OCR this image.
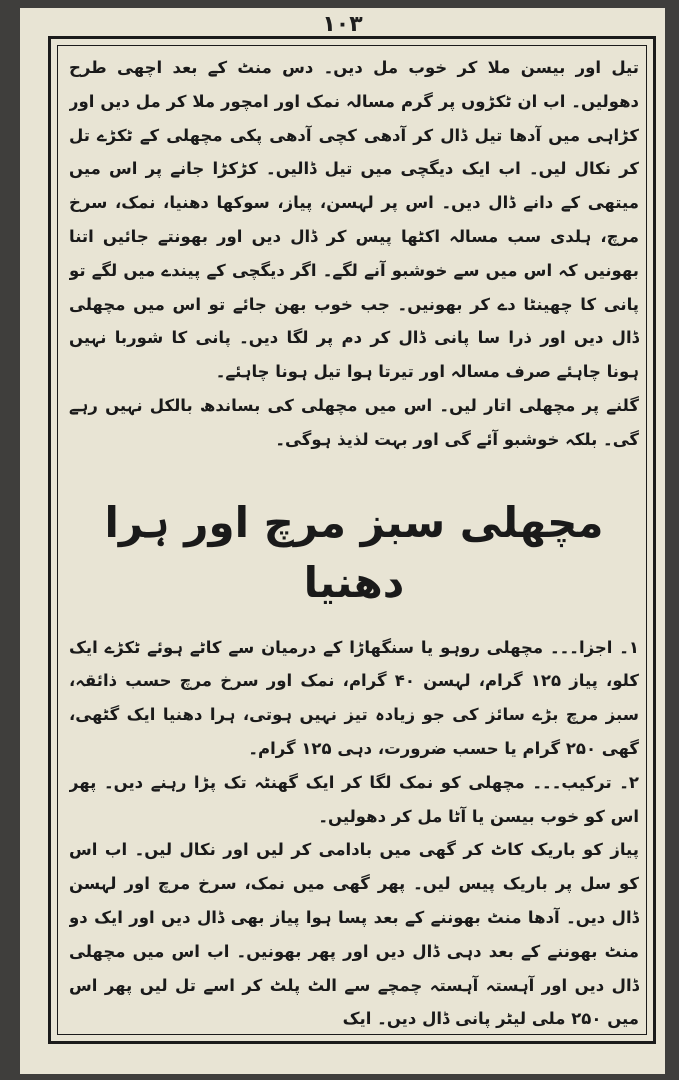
۱۰۳

تیل اور بیسن ملا کر خوب مل دیں۔ دس منٹ کے بعد اچھی طرح دھولیں۔ اب ان ٹکڑوں پر گرم مسالہ نمک اور امچور ملا کر مل دیں اور کڑاہی میں آدھا تیل ڈال کر آدھی کچی آدھی پکی مچھلی کے ٹکڑے تل کر نکال لیں۔ اب ایک دیگچی میں تیل ڈالیں۔ کڑکڑا جانے پر اس میں میتھی کے دانے ڈال دیں۔ اس پر لہسن، پیاز، سوکھا دھنیا، نمک، سرخ مرچ، ہلدی سب مسالہ اکٹھا پیس کر ڈال دیں اور بھونتے جائیں اتنا بھونیں کہ اس میں سے خوشبو آنے لگے۔ اگر دیگچی کے پیندے میں لگے تو پانی کا چھینٹا دے کر بھونیں۔ جب خوب بھن جائے تو اس میں مچھلی ڈال دیں اور ذرا سا پانی ڈال کر دم پر لگا دیں۔ پانی کا شوربا نہیں ہونا چاہئے صرف مسالہ اور تیرتا ہوا تیل ہونا چاہئے۔

گلنے پر مچھلی اتار لیں۔ اس میں مچھلی کی بساندھ بالکل نہیں رہے گی۔ بلکہ خوشبو آئے گی اور بہت لذیذ ہوگی۔

مچھلی سبز مرچ اور ہرا دھنیا

۱۔ اجزا۔۔۔ مچھلی روہو یا سنگھاڑا کے درمیان سے کاٹے ہوئے ٹکڑے ایک کلو، پیاز ۱۲۵ گرام، لہسن ۴۰ گرام، نمک اور سرخ مرچ حسب ذائقہ، سبز مرچ بڑے سائز کی جو زیادہ تیز نہیں ہوتی، ہرا دھنیا ایک گٹھی، گھی ۲۵۰ گرام یا حسب ضرورت، دہی ۱۲۵ گرام۔

۲۔ ترکیب۔۔۔ مچھلی کو نمک لگا کر ایک گھنٹہ تک پڑا رہنے دیں۔ پھر اس کو خوب بیسن یا آٹا مل کر دھولیں۔

پیاز کو باریک کاٹ کر گھی میں بادامی کر لیں اور نکال لیں۔ اب اس کو سل پر باریک پیس لیں۔ پھر گھی میں نمک، سرخ مرچ اور لہسن ڈال دیں۔ آدھا منٹ بھوننے کے بعد پسا ہوا پیاز بھی ڈال دیں اور ایک دو منٹ بھوننے کے بعد دہی ڈال دیں اور پھر بھونیں۔ اب اس میں مچھلی ڈال دیں اور آہستہ آہستہ چمچے سے الٹ پلٹ کر اسے تل لیں پھر اس میں ۲۵۰ ملی لیٹر پانی ڈال دیں۔ ایک
